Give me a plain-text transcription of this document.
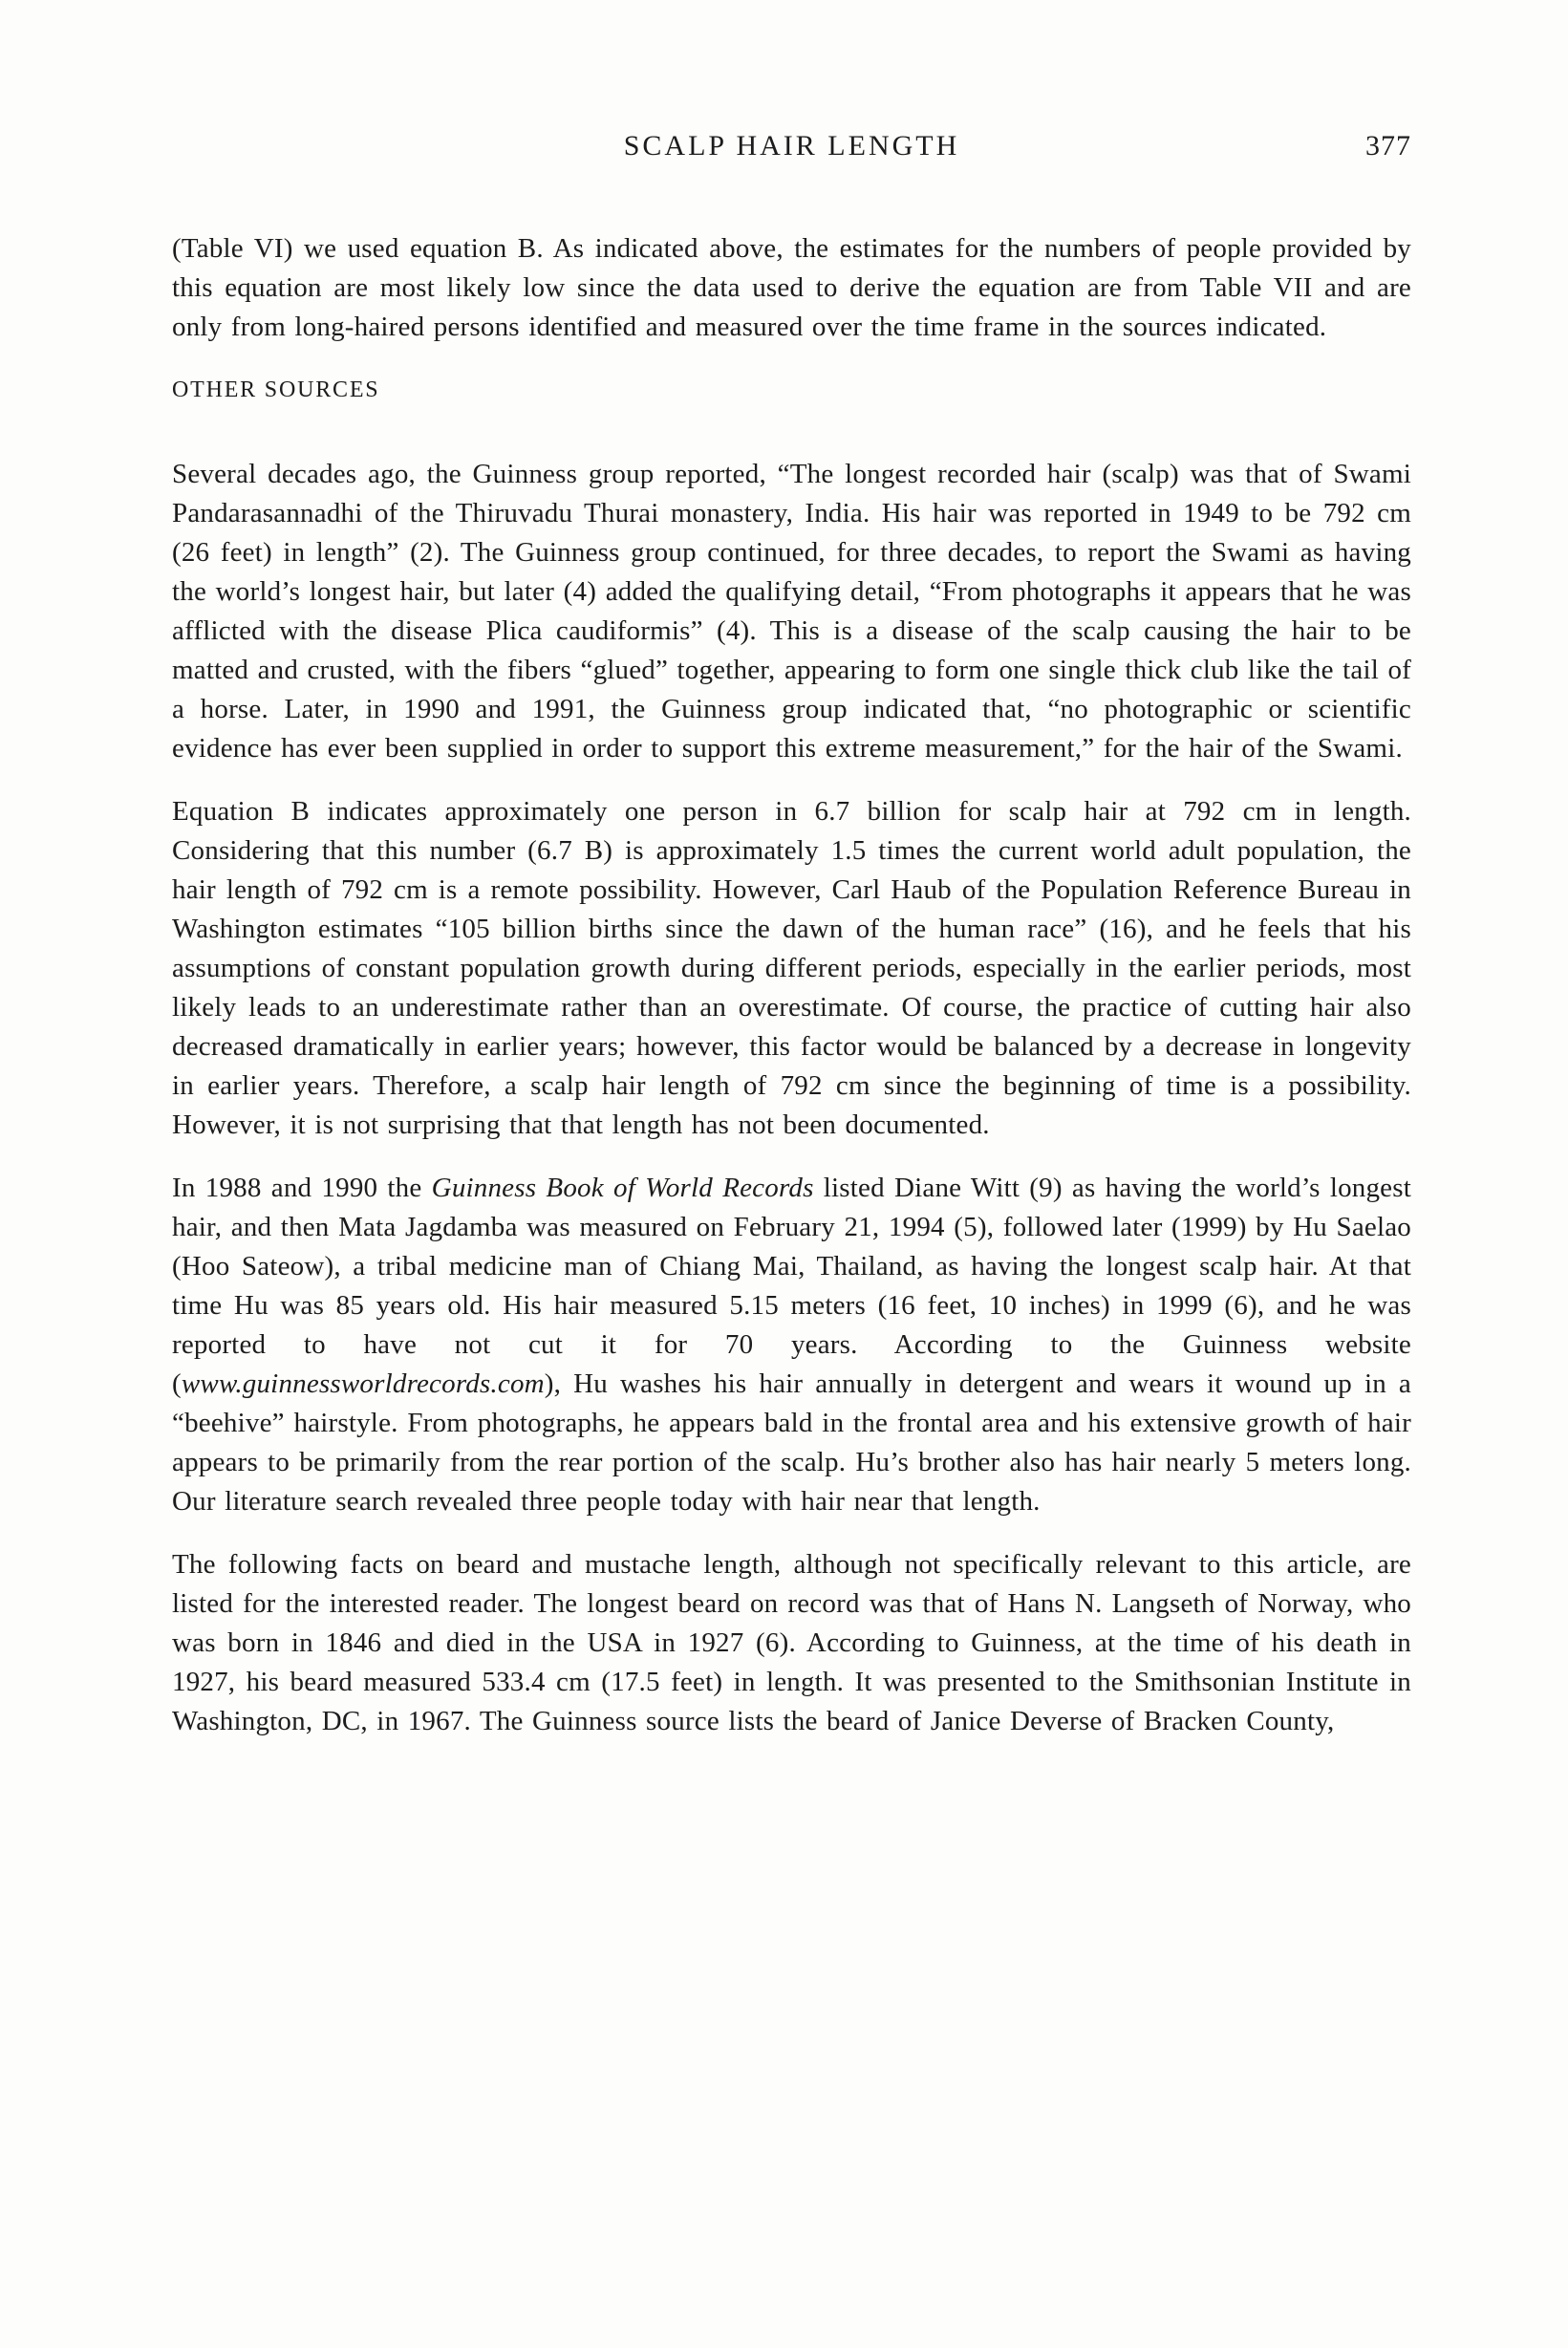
SCALP HAIR LENGTH	377

(Table VI) we used equation B. As indicated above, the estimates for the numbers of people provided by this equation are most likely low since the data used to derive the equation are from Table VII and are only from long-haired persons identified and measured over the time frame in the sources indicated.

OTHER SOURCES

Several decades ago, the Guinness group reported, “The longest recorded hair (scalp) was that of Swami Pandarasannadhi of the Thiruvadu Thurai monastery, India. His hair was reported in 1949 to be 792 cm (26 feet) in length” (2). The Guinness group continued, for three decades, to report the Swami as having the world’s longest hair, but later (4) added the qualifying detail, “From photographs it appears that he was afflicted with the disease Plica caudiformis” (4). This is a disease of the scalp causing the hair to be matted and crusted, with the fibers “glued” together, appearing to form one single thick club like the tail of a horse. Later, in 1990 and 1991, the Guinness group indicated that, “no photographic or scientific evidence has ever been supplied in order to support this extreme measurement,” for the hair of the Swami.

Equation B indicates approximately one person in 6.7 billion for scalp hair at 792 cm in length. Considering that this number (6.7 B) is approximately 1.5 times the current world adult population, the hair length of 792 cm is a remote possibility. However, Carl Haub of the Population Reference Bureau in Washington estimates “105 billion births since the dawn of the human race” (16), and he feels that his assumptions of constant population growth during different periods, especially in the earlier periods, most likely leads to an underestimate rather than an overestimate. Of course, the practice of cutting hair also decreased dramatically in earlier years; however, this factor would be balanced by a decrease in longevity in earlier years. Therefore, a scalp hair length of 792 cm since the beginning of time is a possibility. However, it is not surprising that that length has not been documented.

In 1988 and 1990 the Guinness Book of World Records listed Diane Witt (9) as having the world’s longest hair, and then Mata Jagdamba was measured on February 21, 1994 (5), followed later (1999) by Hu Saelao (Hoo Sateow), a tribal medicine man of Chiang Mai, Thailand, as having the longest scalp hair. At that time Hu was 85 years old. His hair measured 5.15 meters (16 feet, 10 inches) in 1999 (6), and he was reported to have not cut it for 70 years. According to the Guinness website (www.guinnessworldrecords.com), Hu washes his hair annually in detergent and wears it wound up in a “beehive” hairstyle. From photographs, he appears bald in the frontal area and his extensive growth of hair appears to be primarily from the rear portion of the scalp. Hu’s brother also has hair nearly 5 meters long. Our literature search revealed three people today with hair near that length.

The following facts on beard and mustache length, although not specifically relevant to this article, are listed for the interested reader. The longest beard on record was that of Hans N. Langseth of Norway, who was born in 1846 and died in the USA in 1927 (6). According to Guinness, at the time of his death in 1927, his beard measured 533.4 cm (17.5 feet) in length. It was presented to the Smithsonian Institute in Washington, DC, in 1967. The Guinness source lists the beard of Janice Deverse of Bracken County,
